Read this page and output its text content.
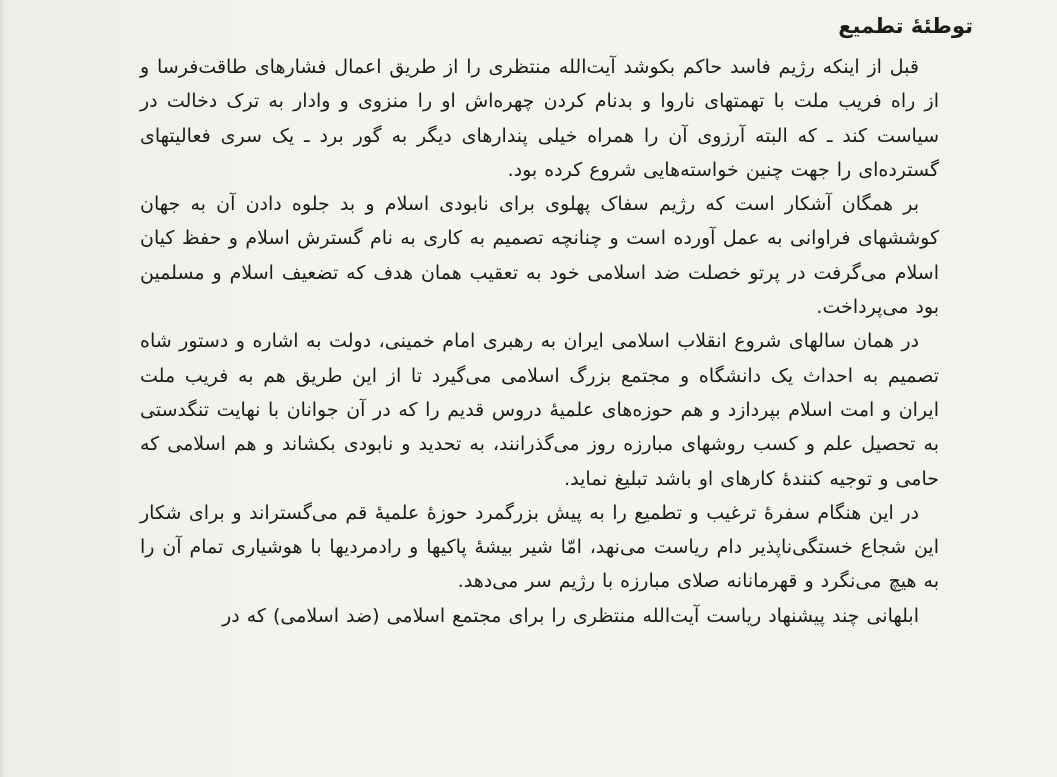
توطئهٔ تطمیع

قبل از اینکه رژیم فاسد حاکم بکوشد آیت‌الله منتظری را از طریق اعمال فشارهای طاقت‌فرسا و از راه فریب ملت با تهمتهای ناروا و بدنام کردن چهره‌اش او را منزوی و وادار به ترک دخالت در سیاست کند ـ که البته آرزوی آن را همراه خیلی پندارهای دیگر به گور برد ـ یک سری فعالیتهای گسترده‌ای را جهت چنین خواسته‌هایی شروع کرده بود.

بر همگان آشکار است که رژیم سفاک پهلوی برای نابودی اسلام و بد جلوه دادن آن به جهان کوششهای فراوانی به عمل آورده است و چنانچه تصمیم به کاری به نام گسترش اسلام و حفظ کیان اسلام می‌گرفت در پرتو خصلت ضد اسلامی خود به تعقیب همان هدف که تضعیف اسلام و مسلمین بود می‌پرداخت.

در همان سالهای شروع انقلاب اسلامی ایران به رهبری امام خمینی، دولت به اشاره و دستور شاه تصمیم به احداث یک دانشگاه و مجتمع بزرگ اسلامی می‌گیرد تا از این طریق هم به فریب ملت ایران و امت اسلام بپردازد و هم حوزه‌های علمیهٔ دروس قدیم را که در آن جوانان با نهایت تنگدستی به تحصیل علم و کسب روشهای مبارزه روز می‌گذرانند، به تحدید و نابودی بکشاند و هم اسلامی که حامی و توجیه کنندهٔ کارهای او باشد تبلیغ نماید.

در این هنگام سفرهٔ ترغیب و تطمیع را به پیش بزرگمرد حوزهٔ علمیهٔ قم می‌گستراند و برای شکار این شجاع خستگی‌ناپذیر دام ریاست می‌نهد، امّا شیر بیشهٔ پاکیها و رادمردیها با هوشیاری تمام آن را به هیچ می‌نگرد و قهرمانانه صلای مبارزه با رژیم سر می‌دهد.

ابلهانی چند پیشنهاد ریاست آیت‌الله منتظری را برای مجتمع اسلامی (ضد اسلامی) که در
